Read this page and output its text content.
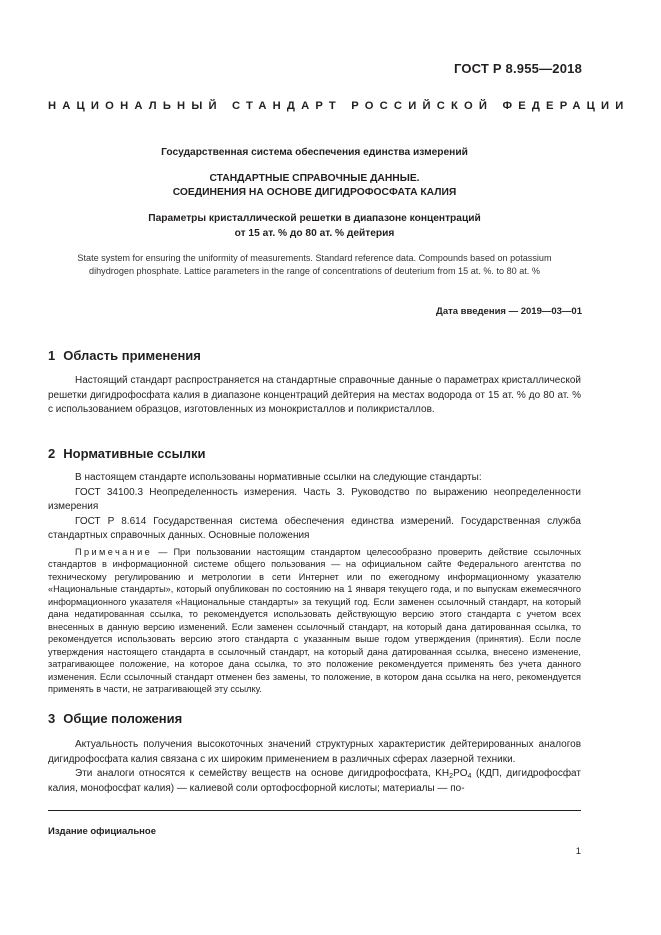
ГОСТ Р 8.955—2018
НАЦИОНАЛЬНЫЙ СТАНДАРТ РОССИЙСКОЙ ФЕДЕРАЦИИ
Государственная система обеспечения единства измерений
СТАНДАРТНЫЕ СПРАВОЧНЫЕ ДАННЫЕ.
СОЕДИНЕНИЯ НА ОСНОВЕ ДИГИДРОФОСФАТА КАЛИЯ
Параметры кристаллической решетки в диапазоне концентраций
от 15 ат. % до 80 ат. % дейтерия
State system for ensuring the uniformity of measurements. Standard reference data. Compounds based on potassium
dihydrogen phosphate. Lattice parameters in the range of concentrations of deuterium from 15 at. %. to 80 at. %
Дата введения — 2019—03—01
1 Область применения

Настоящий стандарт распространяется на стандартные справочные данные о параметрах кристаллической решетки дигидрофосфата калия в диапазоне концентраций дейтерия на местах водорода от 15 ат. % до 80 ат. % с использованием образцов, изготовленных из монокристаллов и поликристаллов.

2 Нормативные ссылки

В настоящем стандарте использованы нормативные ссылки на следующие стандарты:

ГОСТ 34100.3 Неопределенность измерения. Часть 3. Руководство по выражению неопределенности измерения

ГОСТ Р 8.614 Государственная система обеспечения единства измерений. Государственная служба стандартных справочных данных. Основные положения

Примечание — При пользовании настоящим стандартом целесообразно проверить действие ссылочных стандартов в информационной системе общего пользования — на официальном сайте Федерального агентства по техническому регулированию и метрологии в сети Интернет или по ежегодному информационному указателю «Национальные стандарты», который опубликован по состоянию на 1 января текущего года, и по выпускам ежемесячного информационного указателя «Национальные стандарты» за текущий год. Если заменен ссылочный стандарт, на который дана недатированная ссылка, то рекомендуется использовать действующую версию этого стандарта с учетом всех внесенных в данную версию изменений. Если заменен ссылочный стандарт, на который дана датированная ссылка, то рекомендуется использовать версию этого стандарта с указанным выше годом утверждения (принятия). Если после утверждения настоящего стандарта в ссылочный стандарт, на который дана датированная ссылка, внесено изменение, затрагивающее положение, на которое дана ссылка, то это положение рекомендуется применять без учета данного изменения. Если ссылочный стандарт отменен без замены, то положение, в котором дана ссылка на него, рекомендуется применять в части, не затрагивающей эту ссылку.

3 Общие положения

Актуальность получения высокоточных значений структурных характеристик дейтерированных аналогов дигидрофосфата калия связана с их широким применением в различных сферах лазерной техники.

Эти аналоги относятся к семейству веществ на основе дигидрофосфата, $KH_2PO_4$ (КДП, дигидрофосфат калия, монофосфат калия) — калиевой соли ортофосфорной кислоты; материалы — по-

Издание официальное
1
